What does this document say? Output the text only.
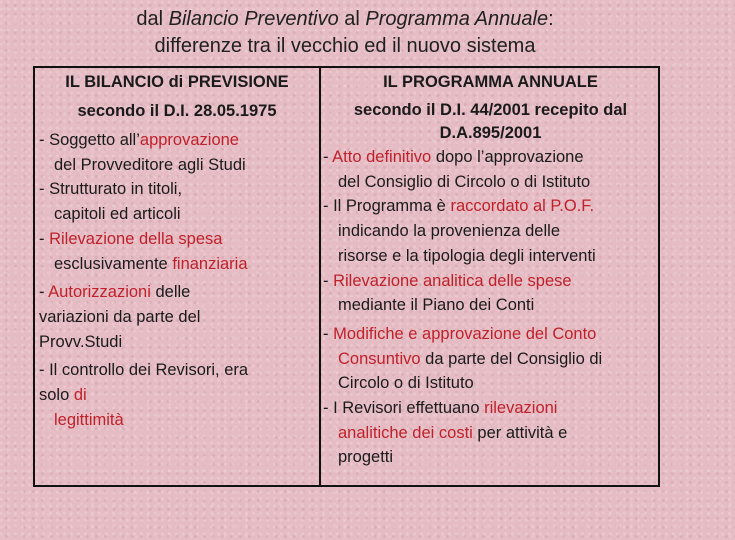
dal Bilancio Preventivo al Programma Annuale:
differenze tra il vecchio ed il nuovo sistema
IL BILANCIO di PREVISIONE
secondo il D.I. 28.05.1975
- Soggetto all’approvazione
del Provveditore agli Studi
- Strutturato in titoli,
capitoli ed articoli
- Rilevazione della spesa
esclusivamente finanziaria
- Autorizzazioni delle
variazioni da parte del
Provv.Studi
- Il controllo dei Revisori, era
solo di
legittimità
IL PROGRAMMA ANNUALE
secondo il D.I. 44/2001 recepito dal
D.A.895/2001
- Atto definitivo dopo l’approvazione
del Consiglio di Circolo o di Istituto
- Il Programma è raccordato al P.O.F.
indicando la provenienza delle
risorse e la tipologia degli interventi
- Rilevazione analitica delle spese
mediante il Piano dei Conti
- Modifiche e approvazione del Conto
Consuntivo da parte del Consiglio di
Circolo o di Istituto
- I Revisori effettuano rilevazioni
analitiche dei costi per attività e
progetti
